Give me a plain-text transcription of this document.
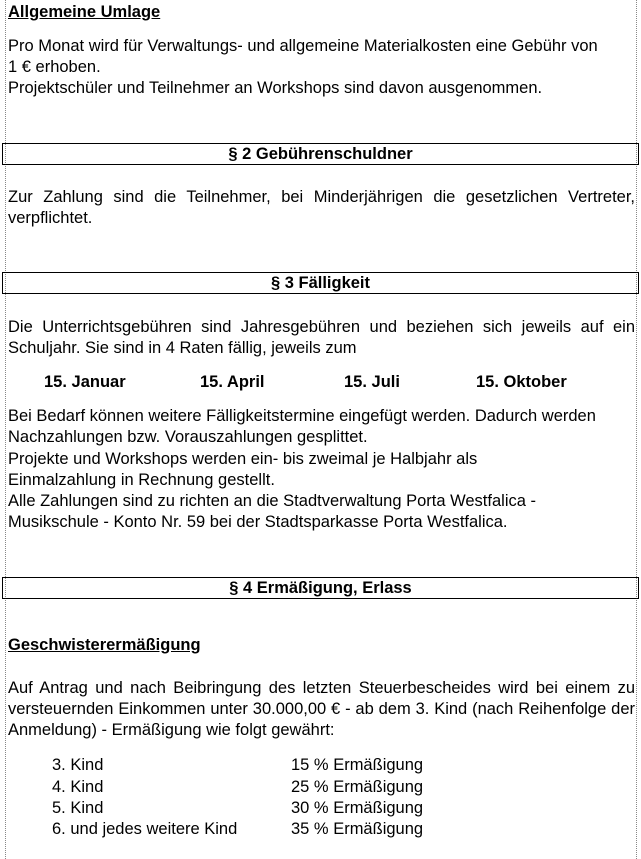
Allgemeine Umlage
Pro Monat wird für Verwaltungs- und allgemeine Materialkosten eine Gebühr von 1 € erhoben.
Projektschüler und Teilnehmer an Workshops sind davon ausgenommen.
§ 2 Gebührenschuldner
Zur Zahlung sind die Teilnehmer, bei Minderjährigen die gesetzlichen Vertreter, verpflichtet.
§ 3 Fälligkeit
Die Unterrichtsgebühren sind Jahresgebühren und beziehen sich jeweils auf ein Schuljahr. Sie sind in 4 Raten fällig, jeweils zum
15. Januar	15. April	15. Juli	15. Oktober
Bei Bedarf können weitere Fälligkeitstermine eingefügt werden. Dadurch werden Nachzahlungen bzw. Vorauszahlungen gesplittet.
Projekte und Workshops werden ein- bis zweimal je Halbjahr als Einmalzahlung in Rechnung gestellt.
Alle Zahlungen sind zu richten an die Stadtverwaltung Porta Westfalica - Musikschule - Konto Nr. 59 bei der Stadtsparkasse Porta Westfalica.
§ 4 Ermäßigung, Erlass
Geschwisterermäßigung
Auf Antrag und nach Beibringung des letzten Steuerbescheides wird bei einem zu versteuernden Einkommen unter 30.000,00 € - ab dem 3. Kind (nach Reihenfolge der Anmeldung) - Ermäßigung wie folgt gewährt:
3. Kind	15 % Ermäßigung
4. Kind	25 % Ermäßigung
5. Kind	30 % Ermäßigung
6. und jedes weitere Kind	35 % Ermäßigung
